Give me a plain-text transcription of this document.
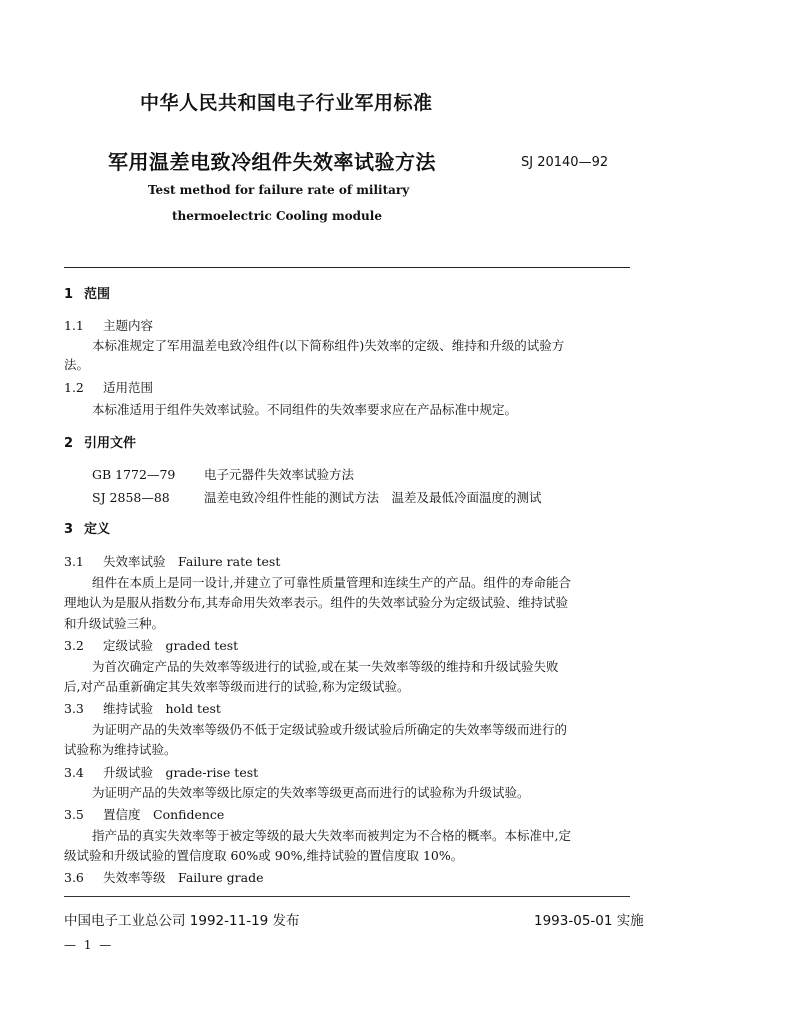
中华人民共和国电子行业军用标准
军用温差电致冷组件失效率试验方法	SJ 20140—92
Test method for failure rate of military
thermoelectric Cooling module
1 范围
1.1 主题内容
本标准规定了军用温差电致冷组件(以下简称组件)失效率的定级、维持和升级的试验方
法。
1.2 适用范围
本标准适用于组件失效率试验。不同组件的失效率要求应在产品标准中规定。
2 引用文件
GB 1772—79 电子元器件失效率试验方法
SJ 2858—88	温差电致冷组件性能的测试方法　温差及最低冷面温度的测试
3 定义
3.1 失效率试验　Failure rate test
组件在本质上是同一设计,并建立了可靠性质量管理和连续生产的产品。组件的寿命能合
理地认为是服从指数分布,其寿命用失效率表示。组件的失效率试验分为定级试验、维持试验
和升级试验三种。
3.2 定级试验　graded test
为首次确定产品的失效率等级进行的试验,或在某一失效率等级的维持和升级试验失败
后,对产品重新确定其失效率等级而进行的试验,称为定级试验。
3.3 维持试验　hold test
为证明产品的失效率等级仍不低于定级试验或升级试验后所确定的失效率等级而进行的
试验称为维持试验。
3.4 升级试验　grade-rise test
为证明产品的失效率等级比原定的失效率等级更高而进行的试验称为升级试验。
3.5 置信度　Confidence
指产品的真实失效率等于被定等级的最大失效率而被判定为不合格的概率。本标准中,定
级试验和升级试验的置信度取 60%或 90%,维持试验的置信度取 10%。
3.6 失效率等级　Failure grade
中国电子工业总公司 1992-11-19 发布	1993-05-01 实施
— 1 —
